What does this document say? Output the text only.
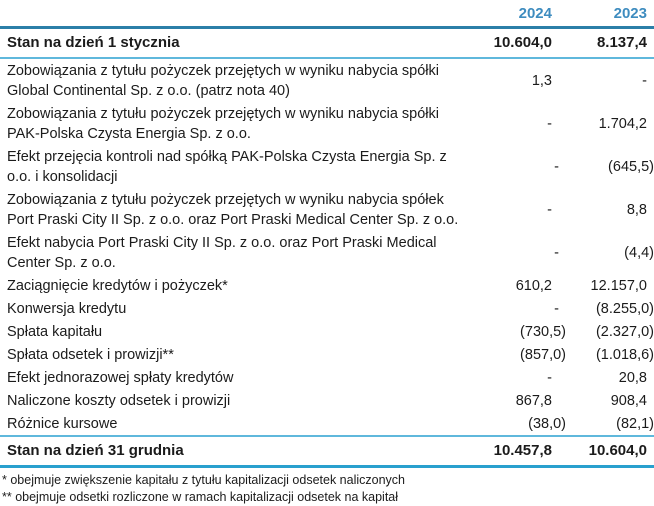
2024	2023
Stan na dzień 1 stycznia	10.604,0	8.137,4
Zobowiązania z tytułu pożyczek przejętych w wyniku nabycia spółki Global Continental Sp. z o.o. (patrz nota 40)
1,3	-
Zobowiązania z tytułu pożyczek przejętych w wyniku nabycia spółki PAK-Polska Czysta Energia Sp. z o.o.
-	1.704,2
Efekt przejęcia kontroli nad spółką PAK-Polska Czysta Energia Sp. z o.o. i konsolidacji
-	(645,5)
Zobowiązania z tytułu pożyczek przejętych w wyniku nabycia spółek Port Praski City II Sp. z o.o. oraz Port Praski Medical Center Sp. z o.o.
-	8,8
Efekt nabycia Port Praski City II Sp. z o.o. oraz Port Praski Medical Center Sp. z o.o.
-	(4,4)
Zaciągnięcie kredytów i pożyczek*	610,2	12.157,0
Konwersja kredytu	-	(8.255,0)
Spłata kapitału	(730,5)	(2.327,0)
Spłata odsetek i prowizji**	(857,0)	(1.018,6)
Efekt jednorazowej spłaty kredytów	-	20,8
Naliczone koszty odsetek i prowizji	867,8	908,4
Różnice kursowe	(38,0)	(82,1)
Stan na dzień 31 grudnia	10.457,8	10.604,0
* obejmuje zwiększenie kapitału z tytułu kapitalizacji odsetek naliczonych
** obejmuje odsetki rozliczone w ramach kapitalizacji odsetek na kapitał
